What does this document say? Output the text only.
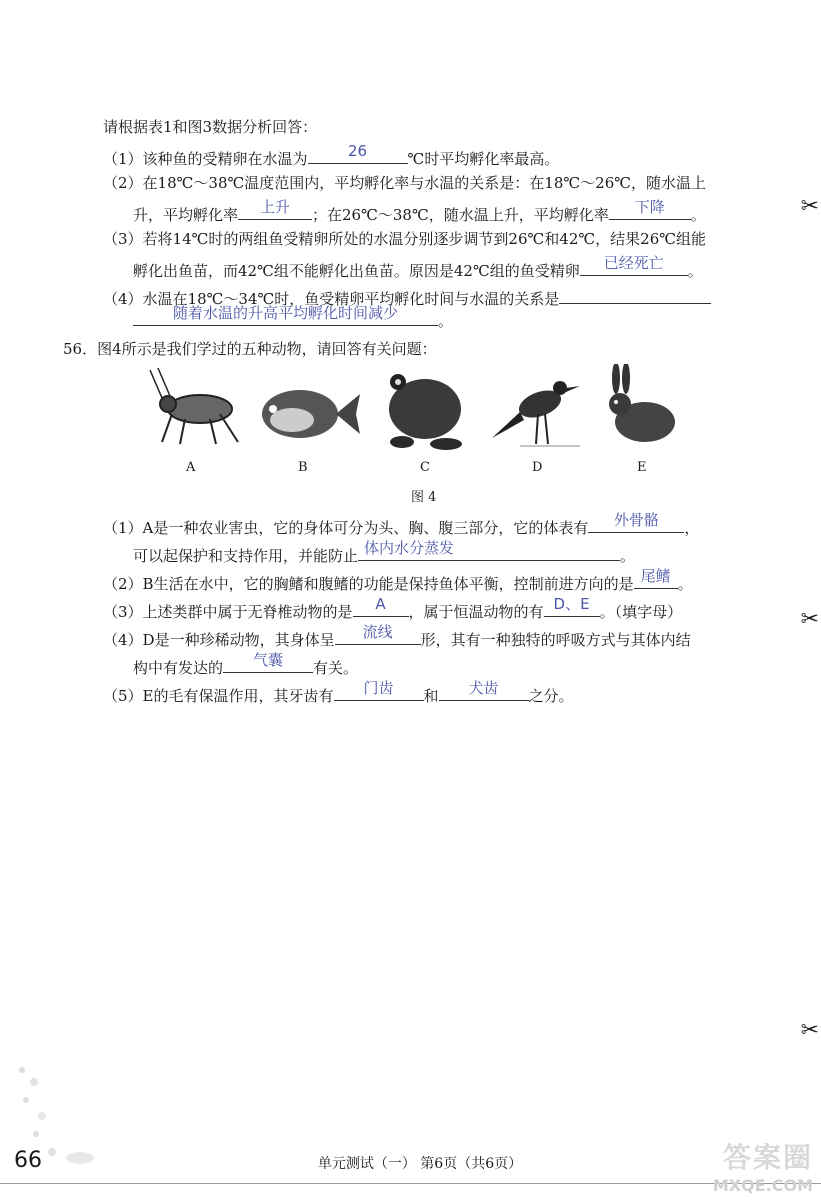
请根据表1和图3数据分析回答：
（1）该种鱼的受精卵在水温为	26	℃时平均孵化率最高。
（2）在18℃～38℃温度范围内，平均孵化率与水温的关系是：在18℃～26℃，随水温上
升，平均孵化率	上升	；在26℃～38℃，随水温上升，平均孵化率	下降	。
（3）若将14℃时的两组鱼受精卵所处的水温分别逐步调节到26℃和42℃，结果26℃组能
孵化出鱼苗，而42℃组不能孵化出鱼苗。原因是42℃组的鱼受精卵	已经死亡	。
（4）水温在18℃～34℃时，鱼受精卵平均孵化时间与水温的关系是
随着水温的升高平均孵化时间减少	。
56．图4所示是我们学过的五种动物，请回答有关问题：
A	B	C	D	E
图 4
（1）A是一种农业害虫，它的身体可分为头、胸、腹三部分，它的体表有	外骨骼	，
可以起保护和支持作用，并能防止 体内水分蒸发	。
（2）B生活在水中，它的胸鳍和腹鳍的功能是保持鱼体平衡，控制前进方向的是 尾鳍 。
（3）上述类群中属于无脊椎动物的是	A	，属于恒温动物的有 D、E 。（填字母）
（4）D是一种珍稀动物，其身体呈	流线	形，其有一种独特的呼吸方式与其体内结
构中有发达的	气囊	有关。
（5）E的毛有保温作用，其牙齿有	门齿	和	犬齿	之分。
✂
✂
✂
66	单元测试（一） 第6页（共6页）	答案圈
MXQE.COM
